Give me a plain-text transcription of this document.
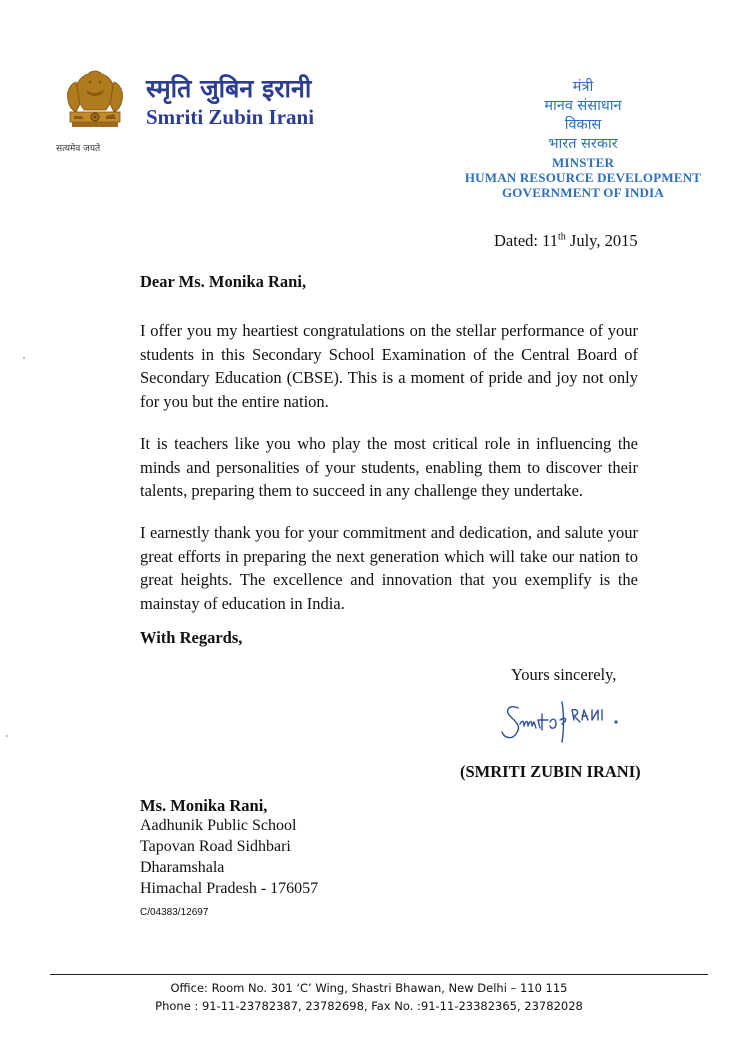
स्मृति जुबिन इरानी
Smriti Zubin Irani
सत्यमेव जयते
मंत्री
मानव संसाधान
विकास
भारत सरकार
MINSTER
HUMAN RESOURCE DEVELOPMENT
GOVERNMENT OF INDIA
Dated: 11th July, 2015
Dear Ms. Monika Rani,
I offer you my heartiest congratulations on the stellar performance of your students in this Secondary School Examination of the Central Board of Secondary Education (CBSE). This is a moment of pride and joy not only for you but the entire nation.
It is teachers like you who play the most critical role in influencing the minds and personalities of your students, enabling them to discover their talents, preparing them to succeed in any challenge they undertake.
I earnestly thank you for your commitment and dedication, and salute your great efforts in preparing the next generation which will take our nation to great heights. The excellence and innovation that you exemplify is the mainstay of education in India.
With Regards,
Yours sincerely,
(SMRITI ZUBIN IRANI)
Ms. Monika Rani,
Aadhunik Public School
Tapovan Road Sidhbari
Dharamshala
Himachal Pradesh - 176057
C/04383/12697
Office: Room No. 301 ‘C’ Wing, Shastri Bhawan, New Delhi – 110 115
Phone : 91-11-23782387, 23782698, Fax No. :91-11-23382365, 23782028
